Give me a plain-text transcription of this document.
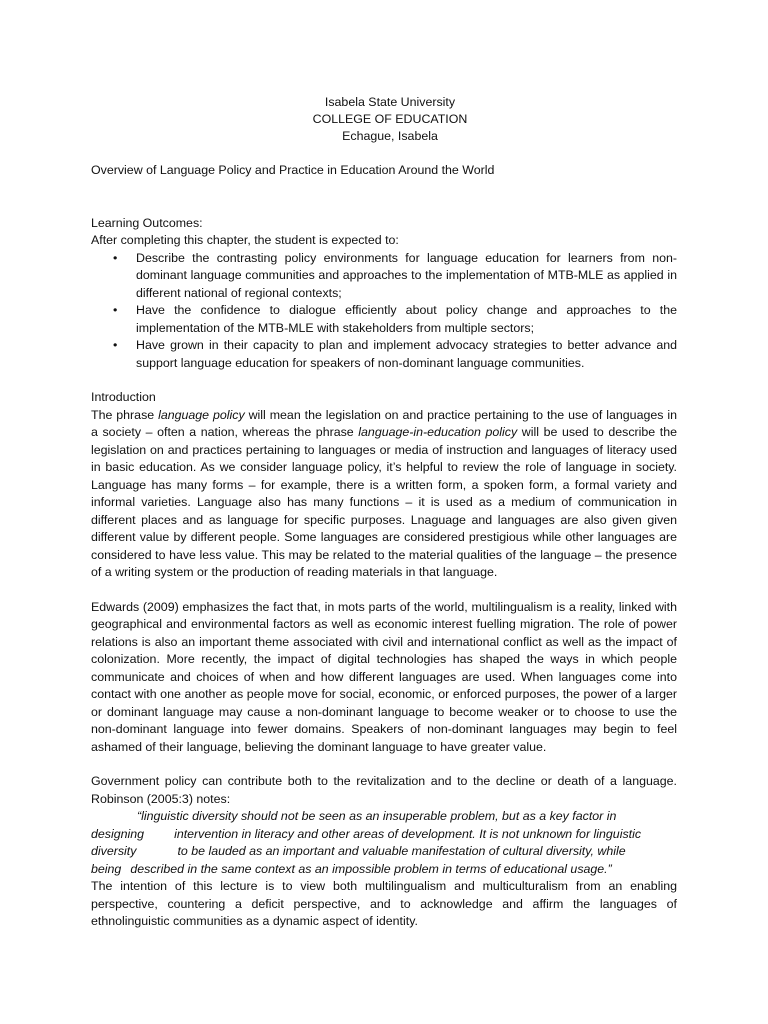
Isabela State University
COLLEGE OF EDUCATION
Echague, Isabela
Overview of Language Policy and Practice in Education Around the World
Learning Outcomes:
After completing this chapter, the student is expected to:
• Describe the contrasting policy environments for language education for learners from non-dominant language communities and approaches to the implementation of MTB-MLE as applied in different national of regional contexts;
• Have the confidence to dialogue efficiently about policy change and approaches to the implementation of the MTB-MLE with stakeholders from multiple sectors;
• Have grown in their capacity to plan and implement advocacy strategies to better advance and support language education for speakers of non-dominant language communities.
Introduction

The phrase language policy will mean the legislation on and practice pertaining to the use of languages in a society – often a nation, whereas the phrase language-in-education policy will be used to describe the legislation on and practices pertaining to languages or media of instruction and languages of literacy used in basic education. As we consider language policy, it’s helpful to review the role of language in society. Language has many forms – for example, there is a written form, a spoken form, a formal variety and informal varieties. Language also has many functions – it is used as a medium of communication in different places and as language for specific purposes. Lnaguage and languages are also given given different value by different people. Some languages are considered prestigious while other languages are considered to have less value. This may be related to the material qualities of the language – the presence of a writing system or the production of reading materials in that language.

Edwards (2009) emphasizes the fact that, in mots parts of the world, multilingualism is a reality, linked with geographical and environmental factors as well as economic interest fuelling migration. The role of power relations is also an important theme associated with civil and international conflict as well as the impact of colonization. More recently, the impact of digital technologies has shaped the ways in which people communicate and choices of when and how different languages are used. When languages come into contact with one another as people move for social, economic, or enforced purposes, the power of a larger or dominant language may cause a non-dominant language to become weaker or to choose to use the non-dominant language into fewer domains. Speakers of non-dominant languages may begin to feel ashamed of their language, believing the dominant language to have greater value.

Government policy can contribute both to the revitalization and to the decline or death of a language. Robinson (2005:3) notes:

“linguistic diversity should not be seen as an insuperable problem, but as a key factor in
designing intervention in literacy and other areas of development. It is not unknown for linguistic
diversity	to be lauded as an important and valuable manifestation of cultural diversity, while
being described in the same context as an impossible problem in terms of educational usage.”

The intention of this lecture is to view both multilingualism and multiculturalism from an enabling perspective, countering a deficit perspective, and to acknowledge and affirm the languages of ethnolinguistic communities as a dynamic aspect of identity.
